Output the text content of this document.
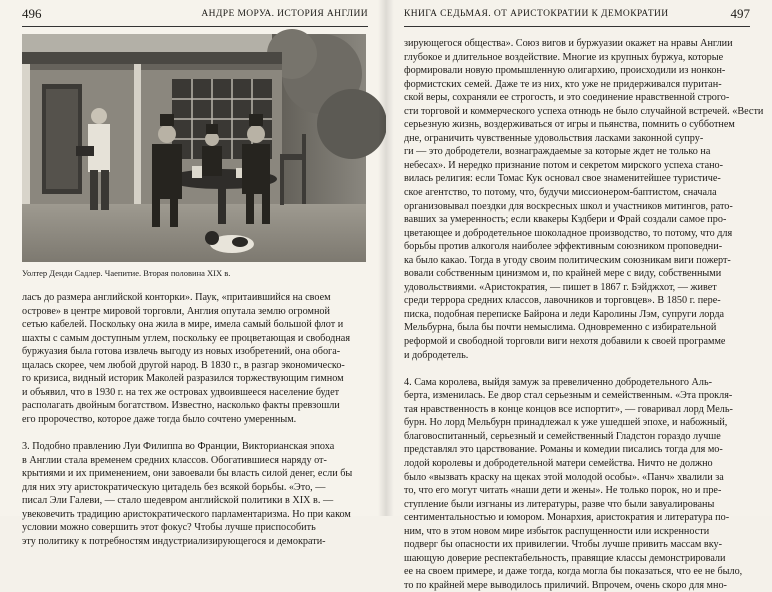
496	АНДРЕ МОРУА. ИСТОРИЯ АНГЛИИ
Уолтер Денди Садлер. Чаепитие. Вторая половина XIX в.
ласъ до размера английской конторки». Паук, «притаившийся на своем
острове» в центре мировой торговли, Англия опутала землю огромной
сетью кабелей. Поскольку она жила в мире, имела самый большой флот и
шахты с самым доступным углем, поскольку ее процветающая и свободная
буржуазия была готова извлечь выгоду из новых изобретений, она обога-
щалась скорее, чем любой другой народ. В 1830 г., в разгар экономическо-
го кризиса, видный историк Маколей разразился торжествующим гимном
и объявил, что в 1930 г. на тех же островах удвоившееся население будет
располагать двойным богатством. Известно, насколько факты превзошли
его пророчество, которое даже тогда было сочтено умеренным.
3. Подобно правлению Луи Филиппа во Франции, Викторианская эпоха
в Англии стала временем средних классов. Обогатившиеся наряду от-
крытиями и их применением, они завоевали бы власть силой денег, если бы
для них эту аристократическую цитадель без всякой борьбы. «Это, —
писал Эли Галеви, — стало шедевром английской политики в XIX в. —
увековечить традицию аристократического парламентаризма. Но при каком
условии можно совершить этот фокус? Чтобы лучше приспособить
эту политику к потребностям индустриализирующегося и демократи-
КНИГА СЕДЬМАЯ. ОТ АРИСТОКРАТИИ К ДЕМОКРАТИИ	497
зирующегося общества». Союз вигов и буржуазии окажет на нравы Англии
глубокое и длительное воздействие. Многие из крупных буржуа, которые
формировали новую промышленную олигархию, происходили из нонкон-
формистских семей. Даже те из них, кто уже не придерживался пуритан-
ской веры, сохраняли ее строгость, и это соединение нравственной строго-
сти торговой и коммерческого успеха отнюдь не было случайной встречей. «Вести
серьезную жизнь, воздерживаться от игры и пьянства, помнить о субботнем
дне, ограничить чувственные удовольствия ласками законной супру-
ги — это добродетели, вознаграждаемые за которые ждет не только на
небесах». И нередко признание потом и секретом мирского успеха стано-
вилась религия: если Томас Кук основал свое знаменитейшее туристиче-
ское агентство, то потому, что, будучи миссионером-баптистом, сначала
организовывал поездки для воскресных школ и участников митингов, рато-
вавших за умеренность; если квакеры Кэдбери и Фрай создали самое про-
цветающее и добродетельное шоколадное производство, то потому, что для
борьбы против алкоголя наиболее эффективным союзником проповедни-
ка было какао. Тогда в угоду своим политическим союзникам виги пожерт-
вовали собственным цинизмом и, по крайней мере с виду, собственными
удовольствиями. «Аристократия, — пишет в 1867 г. Бэйджхот, — живет
среди террора средних классов, лавочников и торговцев». В 1850 г. пере-
писка, подобная переписке Байрона и леди Каролины Лэм, супруги лорда
Мельбурна, была бы почти немыслима. Одновременно с избирательной
реформой и свободной торговли виги нехотя добавили к своей программе
и добродетель.
4. Сама королева, выйдя замуж за превеличенно добродетельного Аль-
берта, изменилась. Ее двор стал серьезным и семейственным. «Эта прокля-
тая нравственность в конце концов все испортит», — говаривал лорд Мель-
бурн. Но лорд Мельбурн принадлежал к уже ушедшей эпохе, и набожный,
благовоспитанный, серьезный и семейственный Гладстон гораздо лучше
представлял это царствование. Романы и комедии писались тогда для мо-
лодой королевы и добродетельной матери семейства. Ничто не должно
было «вызвать краску на щеках этой молодой особы». «Панч» хвалили за
то, что его могут читать «наши дети и жены». Не только порок, но и пре-
ступление были изгнаны из литературы, разве что были завуалированы
сентиментальностью и юмором. Монархия, аристократия и литература по-
ним, что в этом новом мире избыток распущенности или искренности
подверг бы опасности их привилегии. Чтобы лучше привить массам вку-
шающую доверие респектабельность, правящие классы демонстрировали
ее на своем примере, и даже тогда, когда могла бы показаться, что ее не было,
то по крайней мере выводилось приличий. Впрочем, очень скоро для мно-
